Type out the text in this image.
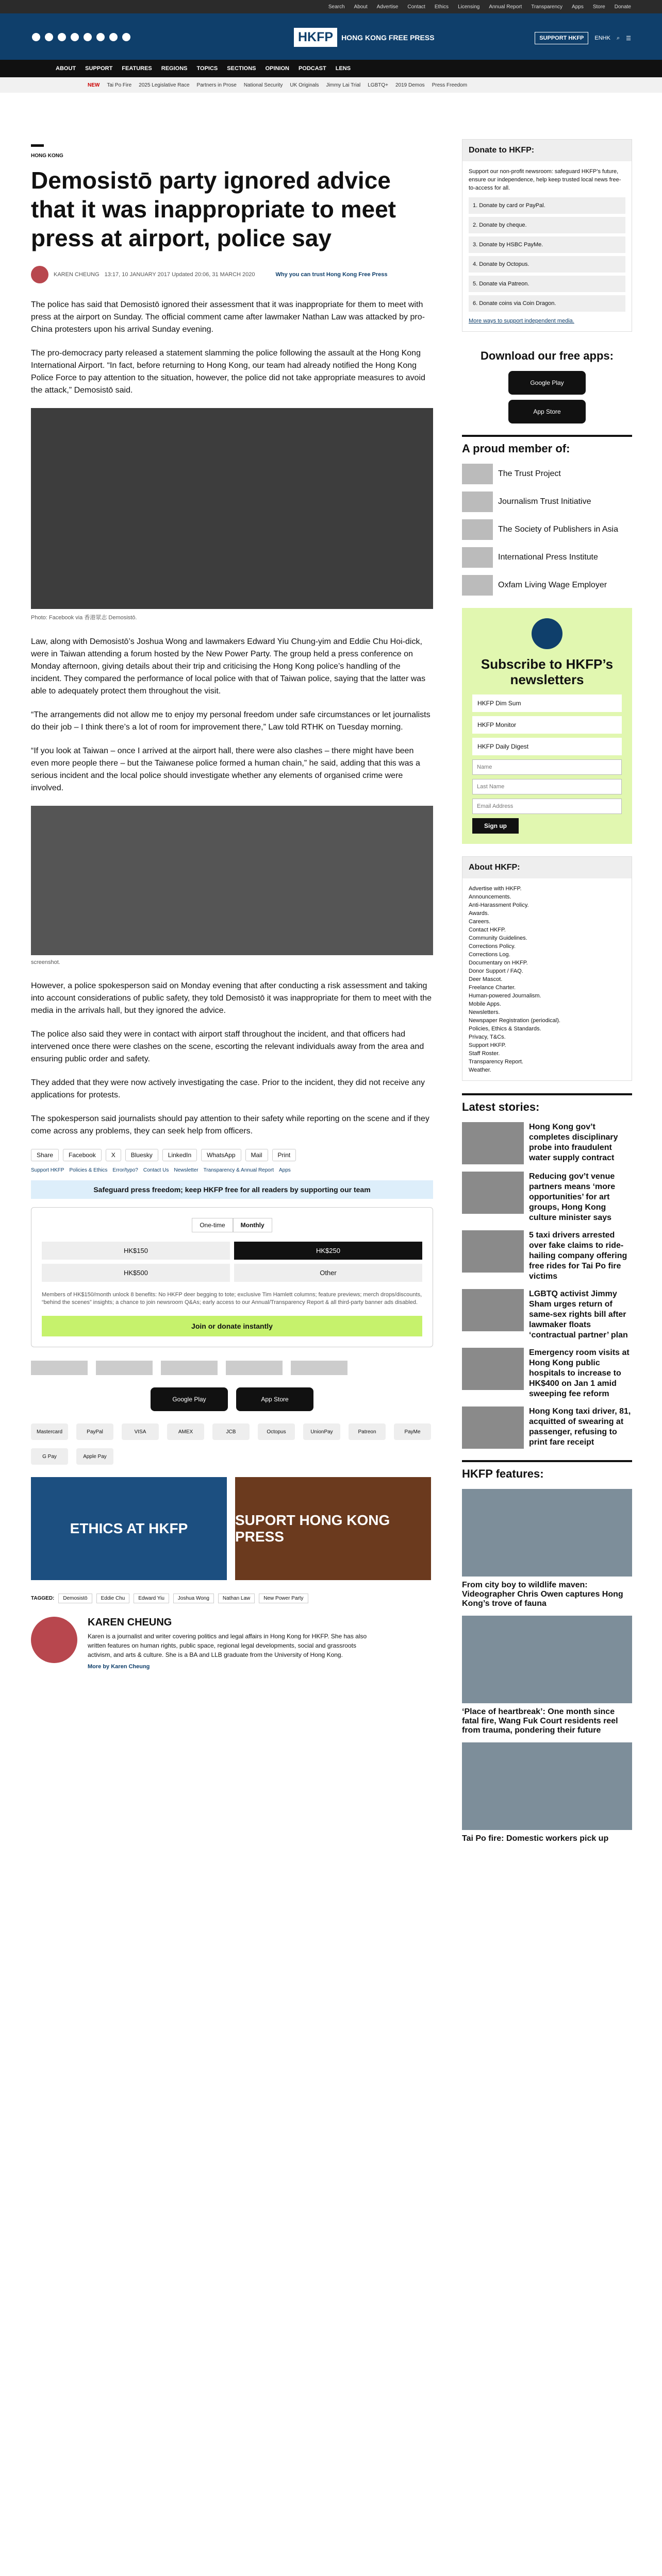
Search About Advertise Contact Ethics Licensing Annual Report Transparency Apps Store Donate
HKFP	HONG KONG FREE PRESS	SUPPORT HKFP	ENHK ⌕ ☰
ABOUT SUPPORT FEATURES REGIONS TOPICS SECTIONS OPINION PODCAST LENS
NEW Tai Po Fire 2025 Legislative Race Partners in Prose National Security UK Originals Jimmy Lai Trial LGBTQ+ 2019 Demos Press Freedom
HONG KONG
Demosistō party ignored advice that it was inappropriate to meet press at airport, police say
KAREN CHEUNG 13:17, 10 JANUARY 2017 Updated 20:06, 31 MARCH 2020	Why you can trust Hong Kong Free Press

The police has said that Demosistō ignored their assessment that it was inappropriate for them to meet with press at the airport on Sunday. The official comment came after lawmaker Nathan Law was attacked by pro-China protesters upon his arrival Sunday evening.

The pro-democracy party released a statement slamming the police following the assault at the Hong Kong International Airport. “In fact, before returning to Hong Kong, our team had already notified the Hong Kong Police Force to pay attention to the situation, however, the police did not take appropriate measures to avoid the attack,” Demosistō said.

Photo: Facebook via 香港眾志 Demosistō.

Law, along with Demosistō’s Joshua Wong and lawmakers Edward Yiu Chung-yim and Eddie Chu Hoi-dick, were in Taiwan attending a forum hosted by the New Power Party. The group held a press conference on Monday afternoon, giving details about their trip and criticising the Hong Kong police’s handling of the incident. They compared the performance of local police with that of Taiwan police, saying that the latter was able to adequately protect them throughout the visit.

“The arrangements did not allow me to enjoy my personal freedom under safe circumstances or let journalists do their job – I think there’s a lot of room for improvement there,” Law told RTHK on Tuesday morning.

“If you look at Taiwan – once I arrived at the airport hall, there were also clashes – there might have been even more people there – but the Taiwanese police formed a human chain,” he said, adding that this was a serious incident and the local police should investigate whether any elements of organised crime were involved.

screenshot.

However, a police spokesperson said on Monday evening that after conducting a risk assessment and taking into account considerations of public safety, they told Demosistō it was inappropriate for them to meet with the media in the arrivals hall, but they ignored the advice.

The police also said they were in contact with airport staff throughout the incident, and that officers had intervened once there were clashes on the scene, escorting the relevant individuals away from the area and ensuring public order and safety.

They added that they were now actively investigating the case. Prior to the incident, they did not receive any applications for protests.

The spokesperson said journalists should pay attention to their safety while reporting on the scene and if they come across any problems, they can seek help from officers.

Share	Facebook	X	Bluesky	LinkedIn	WhatsApp	Mail	Print
Support HKFP Policies & Ethics Error/typo? Contact Us Newsletter Transparency & Annual Report Apps
Safeguard press freedom; keep HKFP free for all readers by supporting our team
One-time	Monthly
HK$150	HK$250
HK$500	Other
Members of HK$150/month unlock 8 benefits: No HKFP deer begging to tote; exclusive Tim Hamlett columns; feature previews; merch drops/discounts, “behind the scenes” insights; a chance to join newsroom Q&As; early access to our Annual/Transparency Report & all third-party banner ads disabled.
Join or donate instantly
Google Play	App Store
Mastercard	PayPal	VISA	AMEX	JCB	Octopus	UnionPay	Patreon	PayMe
G Pay	Apple Pay
ETHICS AT HKFP
SUPORT HONG KONG PRESS
TAGGED:	Demosistō	Eddie Chu	Edward Yiu	Joshua Wong	Nathan Law	New Power Party
KAREN CHEUNG
Karen is a journalist and writer covering politics and legal affairs in Hong Kong for HKFP. She has also written features on human rights, public space, regional legal developments, social and grassroots activism, and arts & culture. She is a BA and LLB graduate from the University of Hong Kong.
More by Karen Cheung
Donate to HKFP:
Support our non-profit newsroom: safeguard HKFP’s future, ensure our independence, help keep trusted local news free-to-access for all.
1. Donate by card or PayPal.
2. Donate by cheque.
3. Donate by HSBC PayMe.
4. Donate by Octopus.
5. Donate via Patreon.
6. Donate coins via Coin Dragon.
More ways to support independent media.
Download our free apps:
Google Play
App Store
A proud member of:
The Trust Project
Journalism Trust Initiative
The Society of Publishers in Asia
International Press Institute
Oxfam Living Wage Employer
Subscribe to HKFP’s newsletters
HKFP Dim Sum
HKFP Monitor
HKFP Daily Digest
Name
Last Name
Email Address
Sign up
About HKFP:
Advertise with HKFP.
Announcements.
Anti-Harassment Policy.
Awards.
Careers.
Contact HKFP.
Community Guidelines.
Corrections Policy.
Corrections Log.
Documentary on HKFP.
Donor Support / FAQ.
Deer Mascot.
Freelance Charter.
Human-powered Journalism.
Mobile Apps.
Newsletters.
Newspaper Registration (periodical).
Policies, Ethics & Standards.
Privacy, T&Cs.
Support HKFP.
Staff Roster.
Transparency Report.
Weather.
Latest stories:
Hong Kong gov’t completes disciplinary probe into fraudulent water supply contract
Reducing gov’t venue partners means ‘more opportunities’ for art groups, Hong Kong culture minister says
5 taxi drivers arrested over fake claims to ride-hailing company offering free rides for Tai Po fire victims
LGBTQ activist Jimmy Sham urges return of same-sex rights bill after lawmaker floats ‘contractual partner’ plan
Emergency room visits at Hong Kong public hospitals to increase to HK$400 on Jan 1 amid sweeping fee reform
Hong Kong taxi driver, 81, acquitted of swearing at passenger, refusing to print fare receipt
HKFP features:
From city boy to wildlife maven: Videographer Chris Owen captures Hong Kong’s trove of fauna
‘Place of heartbreak’: One month since fatal fire, Wang Fuk Court residents reel from trauma, pondering their future
Tai Po fire: Domestic workers pick up
